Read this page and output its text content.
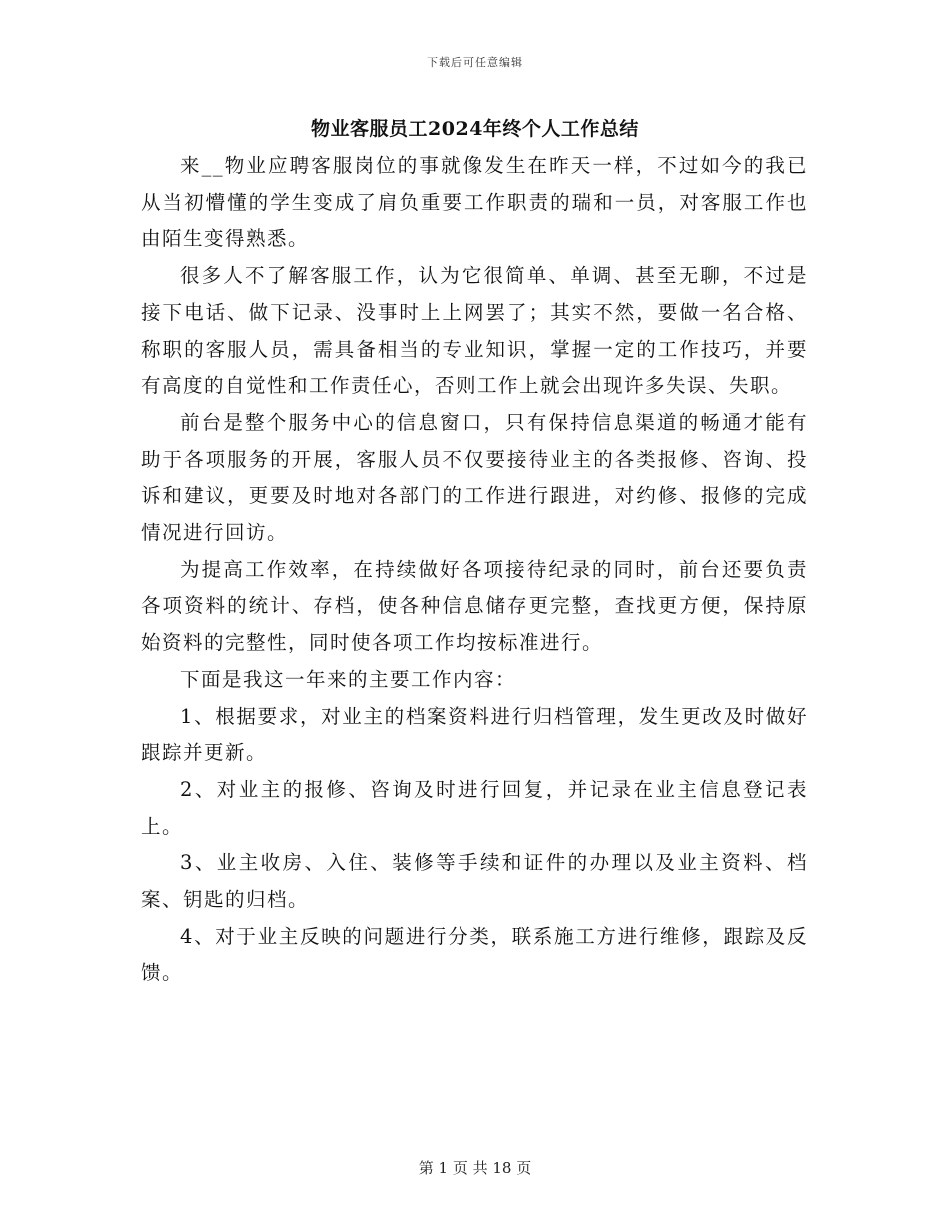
下载后可任意编辑
物业客服员工2024年终个人工作总结

来__物业应聘客服岗位的事就像发生在昨天一样，不过如今的我已从当初懵懂的学生变成了肩负重要工作职责的瑞和一员，对客服工作也由陌生变得熟悉。

很多人不了解客服工作，认为它很简单、单调、甚至无聊，不过是接下电话、做下记录、没事时上上网罢了；其实不然，要做一名合格、称职的客服人员，需具备相当的专业知识，掌握一定的工作技巧，并要有高度的自觉性和工作责任心，否则工作上就会出现许多失误、失职。

前台是整个服务中心的信息窗口，只有保持信息渠道的畅通才能有助于各项服务的开展，客服人员不仅要接待业主的各类报修、咨询、投诉和建议，更要及时地对各部门的工作进行跟进，对约修、报修的完成情况进行回访。

为提高工作效率，在持续做好各项接待纪录的同时，前台还要负责各项资料的统计、存档，使各种信息储存更完整，查找更方便，保持原始资料的完整性，同时使各项工作均按标准进行。

下面是我这一年来的主要工作内容：

1、根据要求，对业主的档案资料进行归档管理，发生更改及时做好跟踪并更新。

2、对业主的报修、咨询及时进行回复，并记录在业主信息登记表上。

3、业主收房、入住、装修等手续和证件的办理以及业主资料、档案、钥匙的归档。

4、对于业主反映的问题进行分类，联系施工方进行维修，跟踪及反馈。

第 1 页 共 18 页
